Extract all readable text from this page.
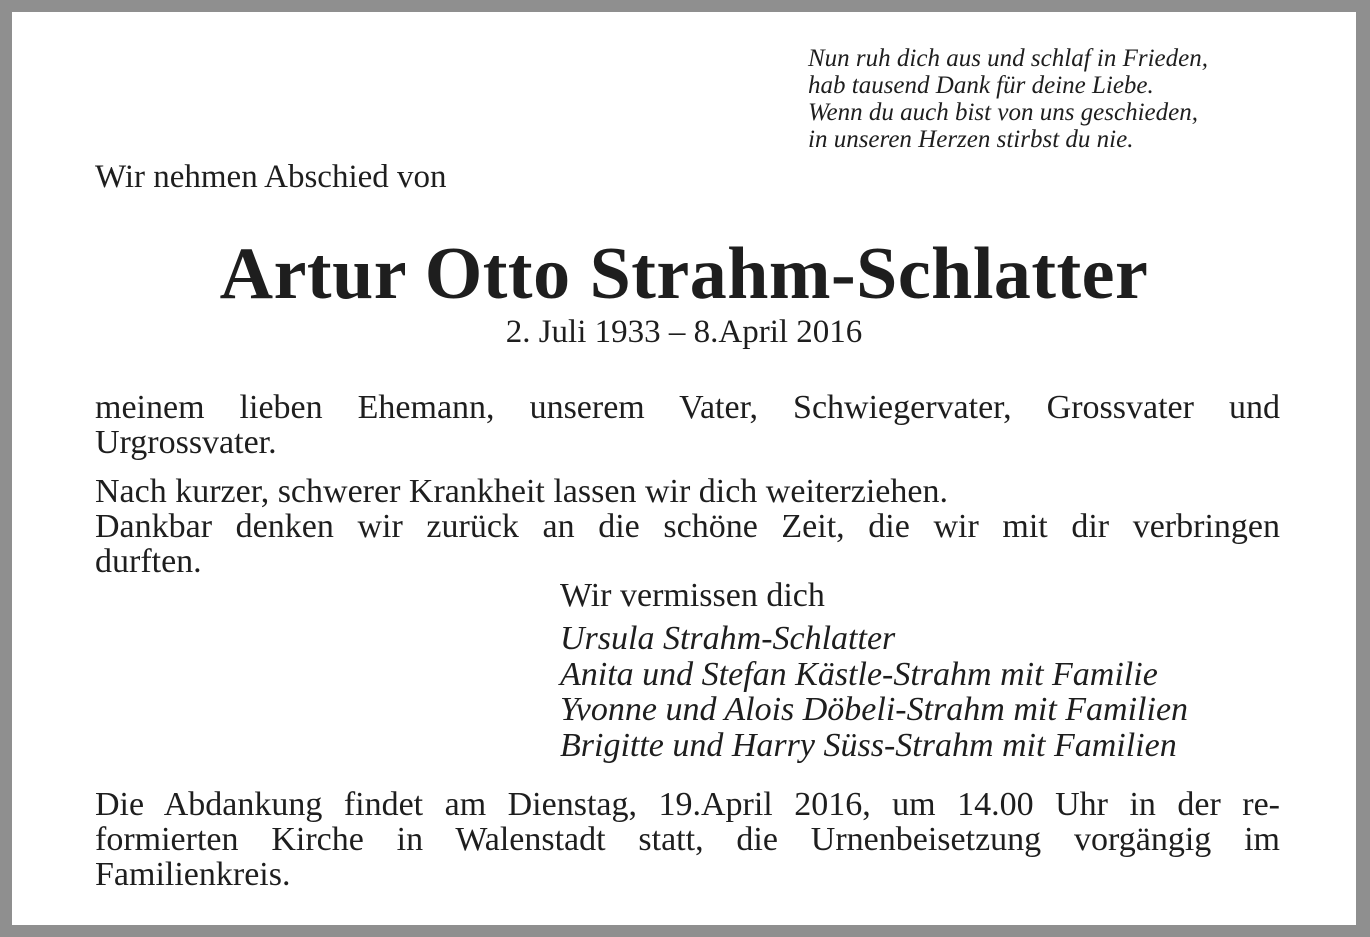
Nun ruh dich aus und schlaf in Frieden,
hab tausend Dank für deine Liebe.
Wenn du auch bist von uns geschieden,
in unseren Herzen stirbst du nie.

Wir nehmen Abschied von

Artur Otto Strahm-Schlatter

2. Juli 1933 – 8.April 2016

meinem lieben Ehemann, unserem Vater, Schwiegervater, Grossvater und
Urgrossvater.
Nach kurzer, schwerer Krankheit lassen wir dich weiterziehen.
Dankbar denken wir zurück an die schöne Zeit, die wir mit dir verbringen
durften.

Wir vermissen dich

Ursula Strahm-Schlatter
Anita und Stefan Kästle-Strahm mit Familie
Yvonne und Alois Döbeli-Strahm mit Familien
Brigitte und Harry Süss-Strahm mit Familien
Die Abdankung findet am Dienstag, 19.April 2016, um 14.00 Uhr in der re-
formierten Kirche in Walenstadt statt, die Urnenbeisetzung vorgängig im
Familienkreis.
